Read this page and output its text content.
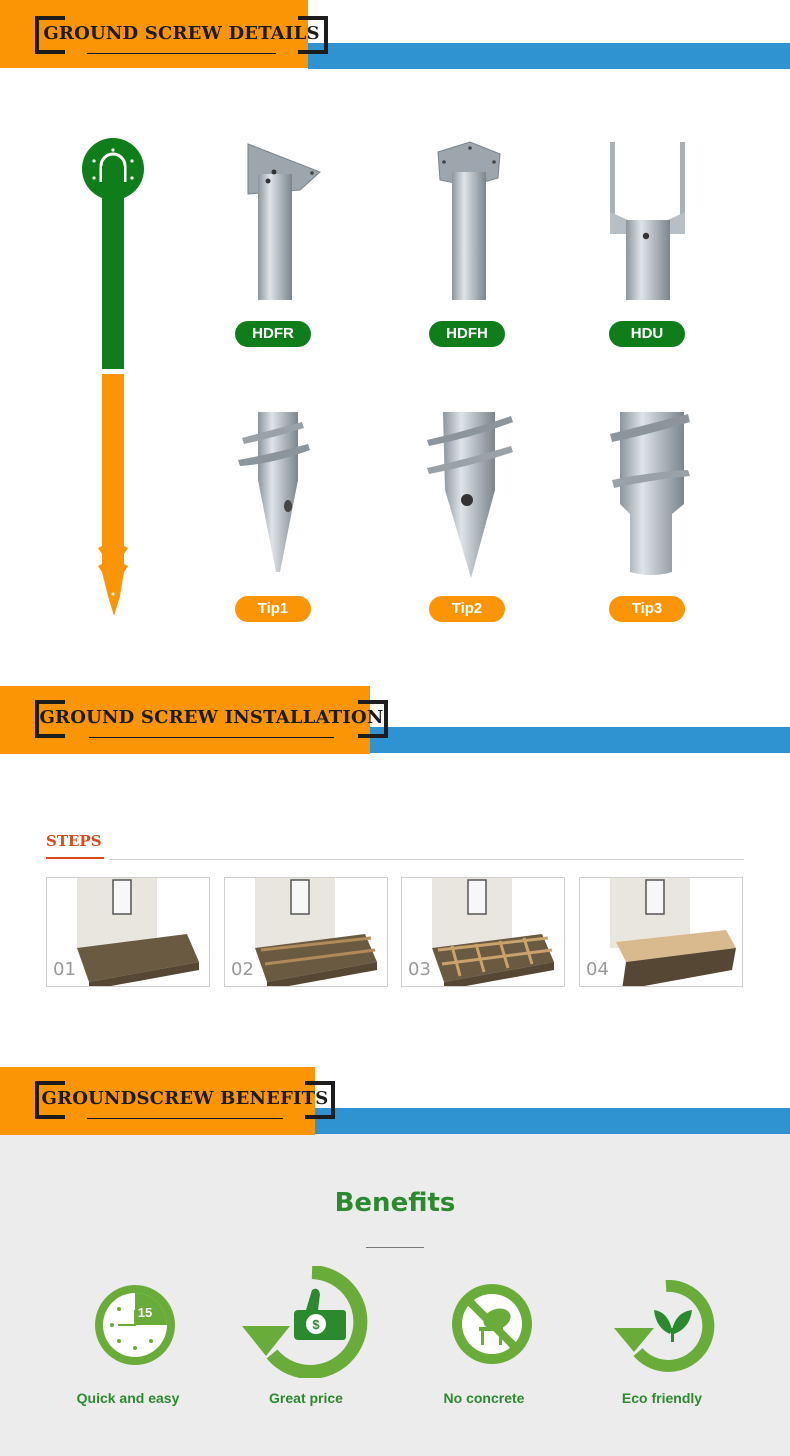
GROUND SCREW DETAILS
HDFR	HDFH	HDU
Tip1	Tip2	Tip3
GROUND SCREW INSTALLATION
STEPS
01	02	03	04
GROUNDSCREW BENEFITS
Benefits
15
$
Quick and easy	Great price	No concrete	Eco friendly
